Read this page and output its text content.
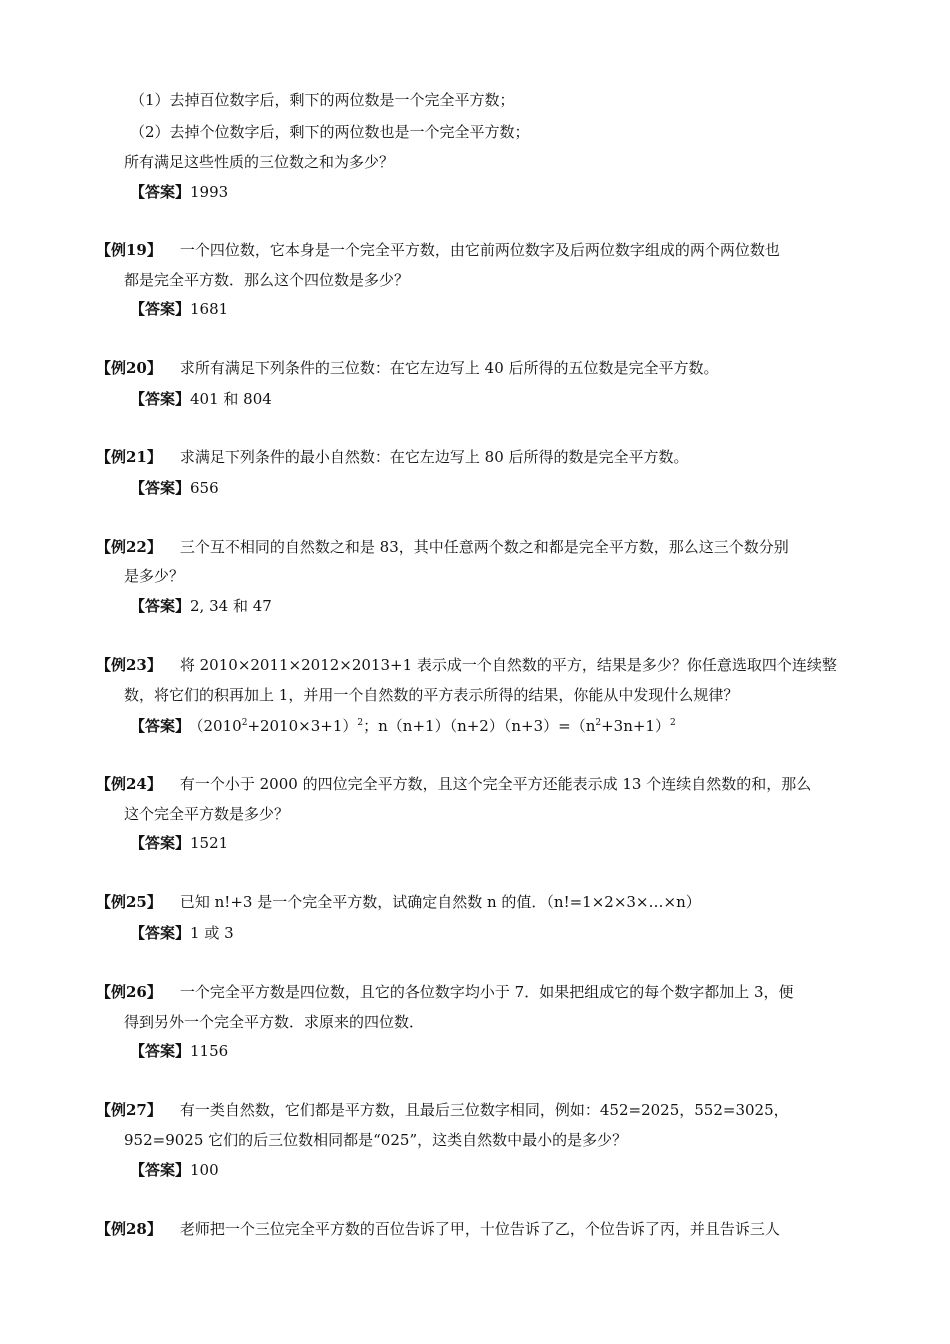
（1）去掉百位数字后，剩下的两位数是一个完全平方数；
（2）去掉个位数字后，剩下的两位数也是一个完全平方数；
所有满足这些性质的三位数之和为多少？
【答案】1993
【例19】 一个四位数，它本身是一个完全平方数，由它前两位数字及后两位数字组成的两个两位数也
都是完全平方数．那么这个四位数是多少？
【答案】1681
【例20】 求所有满足下列条件的三位数：在它左边写上 40 后所得的五位数是完全平方数。
【答案】401 和 804
【例21】 求满足下列条件的最小自然数：在它左边写上 80 后所得的数是完全平方数。
【答案】656
【例22】 三个互不相同的自然数之和是 83，其中任意两个数之和都是完全平方数，那么这三个数分别
是多少？
【答案】2, 34 和 47
【例23】 将 2010×2011×2012×2013+1 表示成一个自然数的平方，结果是多少？你任意选取四个连续整
数，将它们的积再加上 1，并用一个自然数的平方表示所得的结果，你能从中发现什么规律？
【答案】 $(2010^2+2010\times 3+1)^2$；$n(n+1)(n+2)(n+3)=(n^2+3n+1)^2$
【例24】 有一个小于 2000 的四位完全平方数，且这个完全平方还能表示成 13 个连续自然数的和，那么
这个完全平方数是多少？
【答案】1521
【例25】 已知 n!+3 是一个完全平方数，试确定自然数 n 的值．（n!=1×2×3×…×n）
【答案】1 或 3
【例26】 一个完全平方数是四位数，且它的各位数字均小于 7．如果把组成它的每个数字都加上 3，便
得到另外一个完全平方数．求原来的四位数．
【答案】1156
【例27】 有一类自然数，它们都是平方数，且最后三位数字相同，例如：452=2025，552=3025，
952=9025 它们的后三位数相同都是“025”，这类自然数中最小的是多少？
【答案】100
【例28】 老师把一个三位完全平方数的百位告诉了甲，十位告诉了乙，个位告诉了丙，并且告诉三人
